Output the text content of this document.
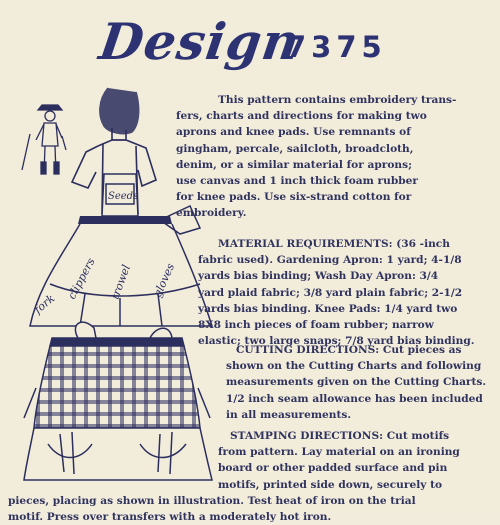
Design
7375
Seeds
fork
clippers trowel gloves
This pattern contains embroidery trans-
fers, charts and directions for making two
aprons and knee pads. Use remnants of
gingham, percale, sailcloth, broadcloth,
denim, or a similar material for aprons;
use canvas and 1 inch thick foam rubber
for knee pads. Use six-strand cotton for
embroidery.
MATERIAL REQUIREMENTS: (36 -inch
fabric used). Gardening Apron: 1 yard; 4-1/8
yards bias binding; Wash Day Apron: 3/4
yard plaid fabric; 3/8 yard plain fabric; 2-1/2
yards bias binding. Knee Pads: 1/4 yard two
8X8 inch pieces of foam rubber; narrow
elastic; two large snaps; 7/8 yard bias binding.
CUTTING DIRECTIONS: Cut pieces as
shown on the Cutting Charts and following
measurements given on the Cutting Charts.
1/2 inch seam allowance has been included
in all measurements.
STAMPING DIRECTIONS: Cut motifs
from pattern. Lay material on an ironing
board or other padded surface and pin
motifs, printed side down, securely to
pieces, placing as shown in illustration. Test heat of iron on the trial
motif. Press over transfers with a moderately hot iron.
